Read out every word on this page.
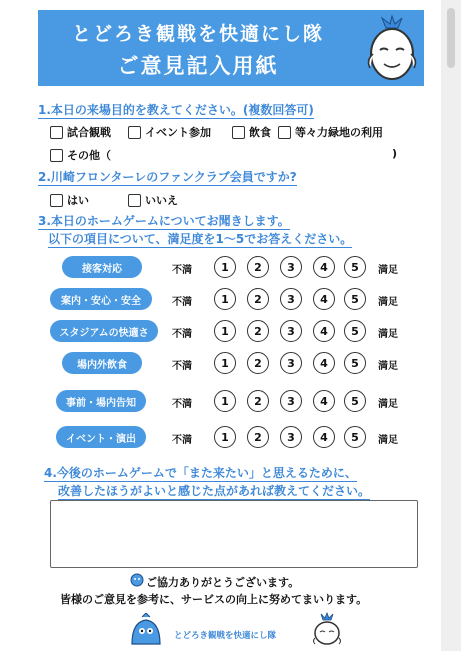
とどろき観戦を快適にし隊
ご意見記入用紙
1.本日の来場目的を教えてください。(複数回答可)
試合観戦	イベント参加	飲食 等々力緑地の利用
その他（	)
2.川崎フロンターレのファンクラブ会員ですか?
はい	いいえ
3.本日のホームゲームについてお聞きします。
以下の項目について、満足度を1～5でお答えください。
接客対応	不満	1	2	3	4	5	満足
案内・安心・安全	不満	1	2	3	4	5	満足
スタジアムの快適さ	不満	1	2	3	4	5	満足
場内外飲食	不満	1	2	3	4	5	満足
事前・場内告知	不満	1	2	3	4	5	満足
イベント・演出	不満	1	2	3	4	5	満足
4.今後のホームゲームで「また来たい」と思えるために、
改善したほうがよいと感じた点があれば教えてください。
ご協力ありがとうございます。
皆様のご意見を参考に、サービスの向上に努めてまいります。
とどろき観戦を快適にし隊
